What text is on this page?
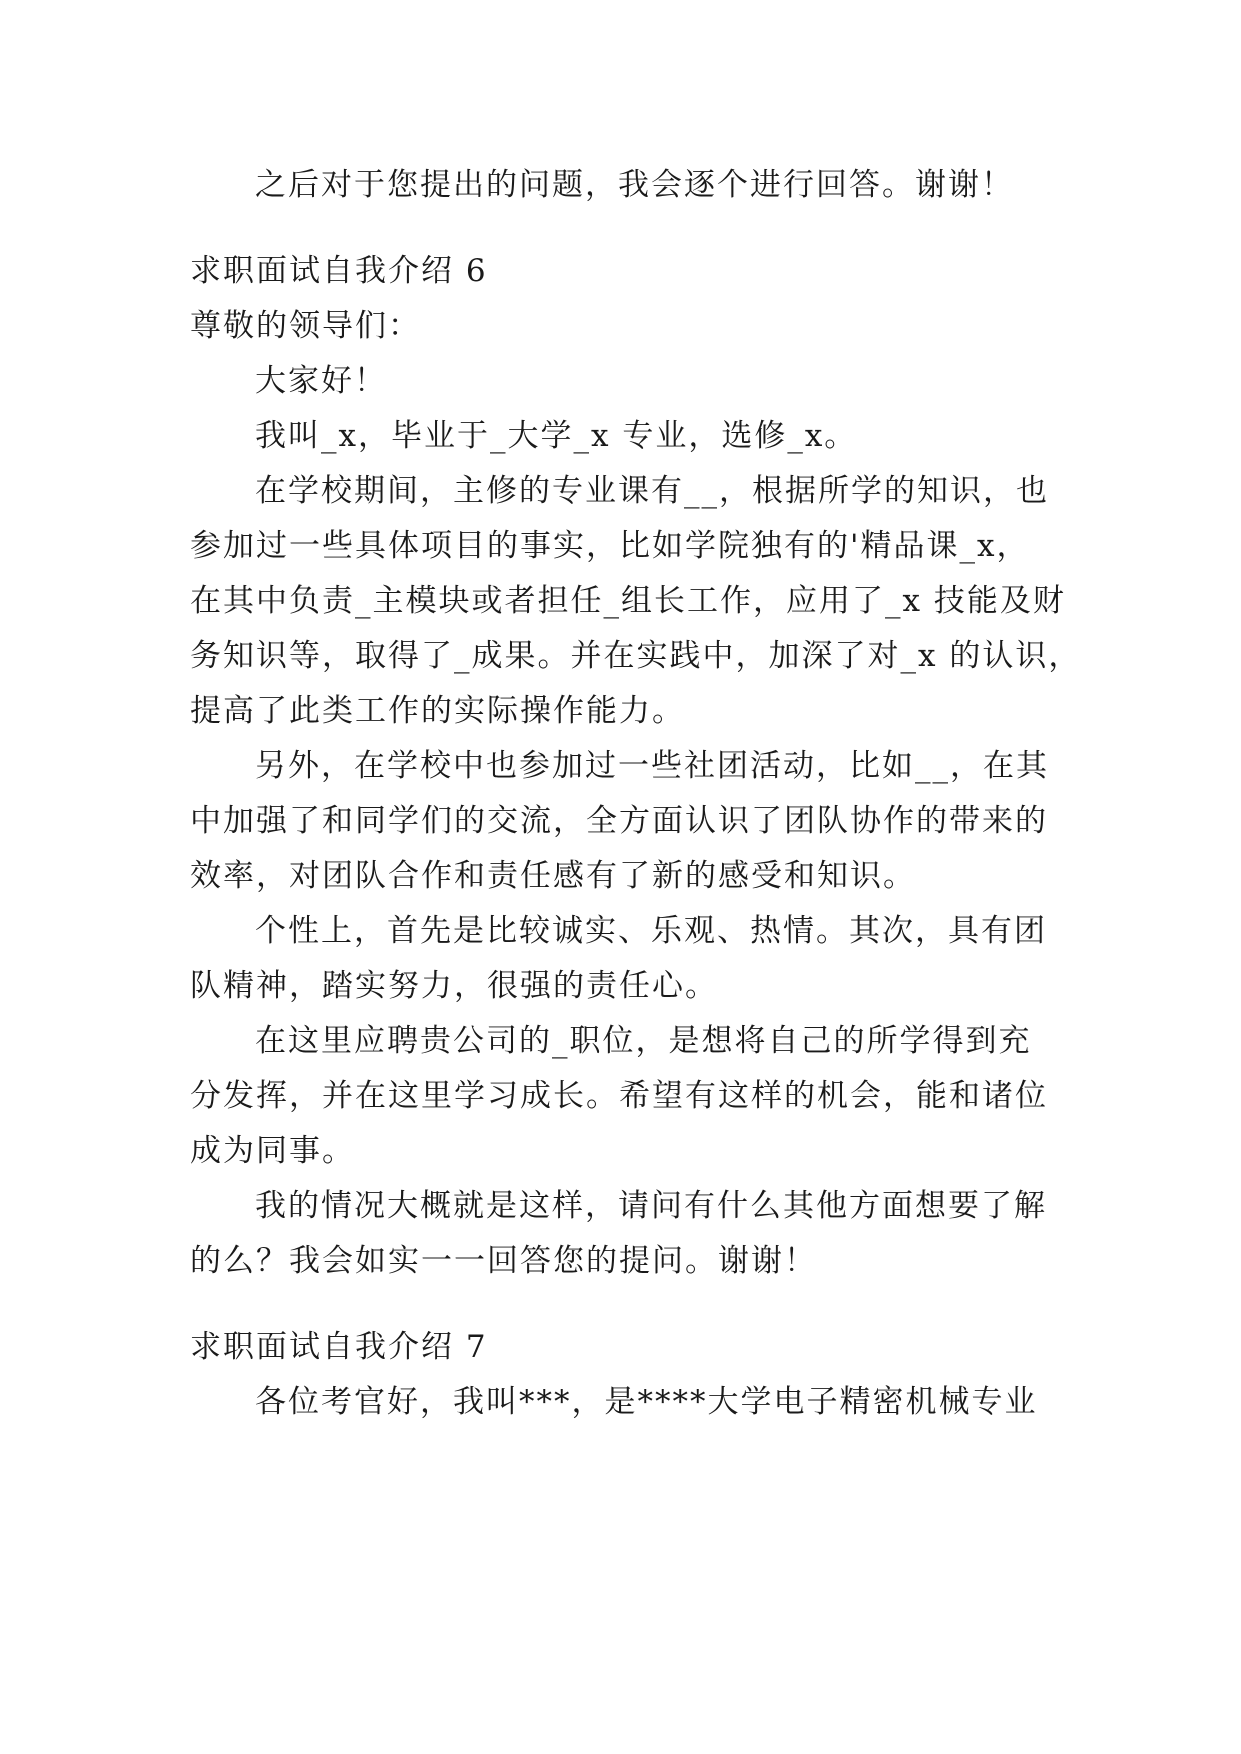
之后对于您提出的问题，我会逐个进行回答。谢谢！
求职面试自我介绍 6
尊敬的领导们：
大家好！
我叫_x，毕业于_大学_x 专业，选修_x。
在学校期间，主修的专业课有__，根据所学的知识，也
参加过一些具体项目的事实，比如学院独有的'精品课_x，
在其中负责_主模块或者担任_组长工作，应用了_x 技能及财
务知识等，取得了_成果。并在实践中，加深了对_x 的认识，
提高了此类工作的实际操作能力。
另外，在学校中也参加过一些社团活动，比如__，在其
中加强了和同学们的交流，全方面认识了团队协作的带来的
效率，对团队合作和责任感有了新的感受和知识。
个性上，首先是比较诚实、乐观、热情。其次，具有团
队精神，踏实努力，很强的责任心。
在这里应聘贵公司的_职位，是想将自己的所学得到充
分发挥，并在这里学习成长。希望有这样的机会，能和诸位
成为同事。
我的情况大概就是这样，请问有什么其他方面想要了解
的么？我会如实一一回答您的提问。谢谢！
求职面试自我介绍 7
各位考官好，我叫***，是****大学电子精密机械专业
